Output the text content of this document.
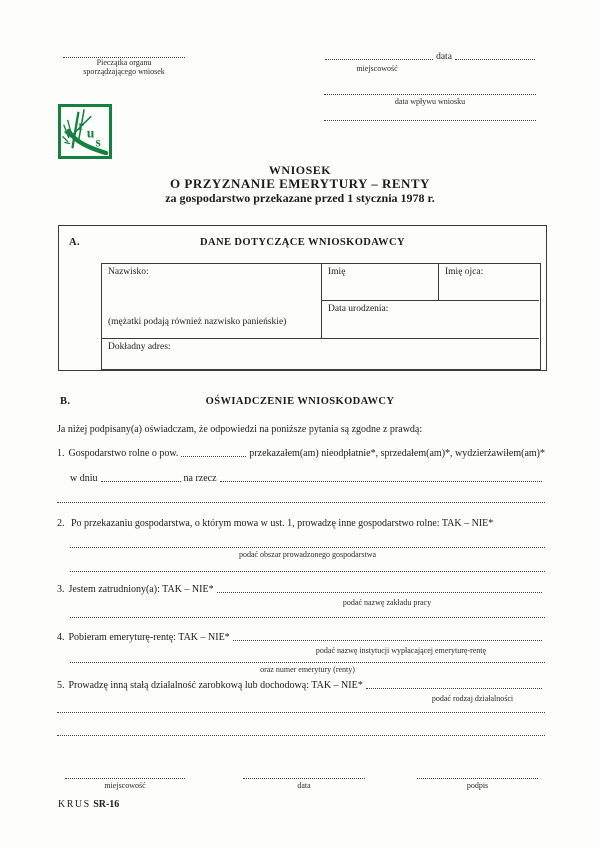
Pieczątka organu
sporządzającego wniosek
r
u
s
data
miejscowość
data wpływu wniosku
WNIOSEK
O PRZYZNANIE EMERYTURY – RENTY
za gospodarstwo przekazane przed 1 stycznia 1978 r.
A.	DANE DOTYCZĄCE WNIOSKODAWCY
Nazwisko:
(mężatki podają również nazwisko panieńskie)
Imię	Imię ojca:
Data urodzenia:
Dokładny adres:
B.	OŚWIADCZENIE WNIOSKODAWCY
Ja niżej podpisany(a) oświadczam, że odpowiedzi na poniższe pytania są zgodne z prawdą:
1. Gospodarstwo rolne o pow.	przekazałem(am) nieodpłatnie*, sprzedałem(am)*, wydzierżawiłem(am)*
w dniu	na rzecz
2. Po przekazaniu gospodarstwa, o którym mowa w ust. 1, prowadzę inne gospodarstwo rolne: TAK – NIE*
podać obszar prowadzonego gospodarstwa
3. Jestem zatrudniony(a): TAK – NIE*
podać nazwę zakładu pracy
4. Pobieram emeryturę-rentę: TAK – NIE*
podać nazwę instytucji wypłacającej emeryturę-rentę
oraz numer emerytury (renty)
5. Prowadzę inną stałą działalność zarobkową lub dochodową: TAK – NIE*
podać rodzaj działalności
miejscowość	data	podpis
KRUS SR-16
